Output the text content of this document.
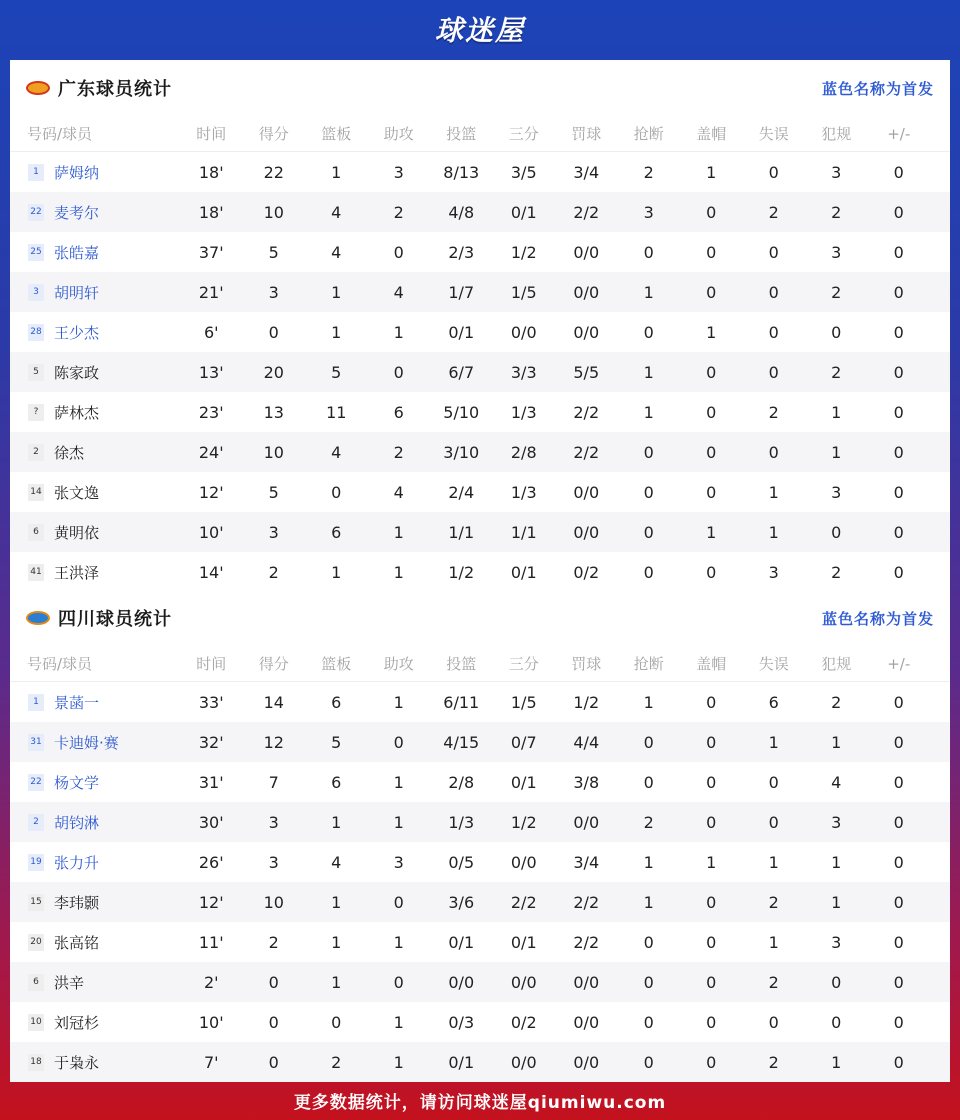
球迷屋
广东球员统计	蓝色名称为首发
号码/球员	时间	得分	篮板	助攻	投篮	三分	罚球	抢断	盖帽	失误	犯规	+/-
1	萨姆纳	18'	22	1	3	8/13	3/5	3/4	2	1	0	3	0
22 麦考尔	18'	10	4	2	4/8	0/1	2/2	3	0	2	2	0
25 张皓嘉	37'	5	4	0	2/3	1/2	0/0	0	0	0	3	0
3	胡明轩	21'	3	1	4	1/7	1/5	0/0	1	0	0	2	0
28 王少杰	6'	0	1	1	0/1	0/0	0/0	0	1	0	0	0
5	陈家政	13'	20	5	0	6/7	3/3	5/5	1	0	0	2	0
?	萨林杰	23'	13	11	6	5/10	1/3	2/2	1	0	2	1	0
2	徐杰	24'	10	4	2	3/10	2/8	2/2	0	0	0	1	0
14 张文逸	12'	5	0	4	2/4	1/3	0/0	0	0	1	3	0
6	黄明依	10'	3	6	1	1/1	1/1	0/0	0	1	1	0	0
41 王洪泽	14'	2	1	1	1/2	0/1	0/2	0	0	3	2	0
四川球员统计	蓝色名称为首发
号码/球员	时间	得分	篮板	助攻	投篮	三分	罚球	抢断	盖帽	失误	犯规	+/-
1	景菡一	33'	14	6	1	6/11	1/5	1/2	1	0	6	2	0
31 卡迪姆·赛	32'	12	5	0	4/15	0/7	4/4	0	0	1	1	0
22 杨文学	31'	7	6	1	2/8	0/1	3/8	0	0	0	4	0
2	胡钧淋	30'	3	1	1	1/3	1/2	0/0	2	0	0	3	0
19 张力升	26'	3	4	3	0/5	0/0	3/4	1	1	1	1	0
15 李玮颢	12'	10	1	0	3/6	2/2	2/2	1	0	2	1	0
20 张高铭	11'	2	1	1	0/1	0/1	2/2	0	0	1	3	0
6	洪辛	2'	0	1	0	0/0	0/0	0/0	0	0	2	0	0
10 刘冠杉	10'	0	0	1	0/3	0/2	0/0	0	0	0	0	0
18 于枭永	7'	0	2	1	0/1	0/0	0/0	0	0	2	1	0
更多数据统计，请访问球迷屋qiumiwu.com
